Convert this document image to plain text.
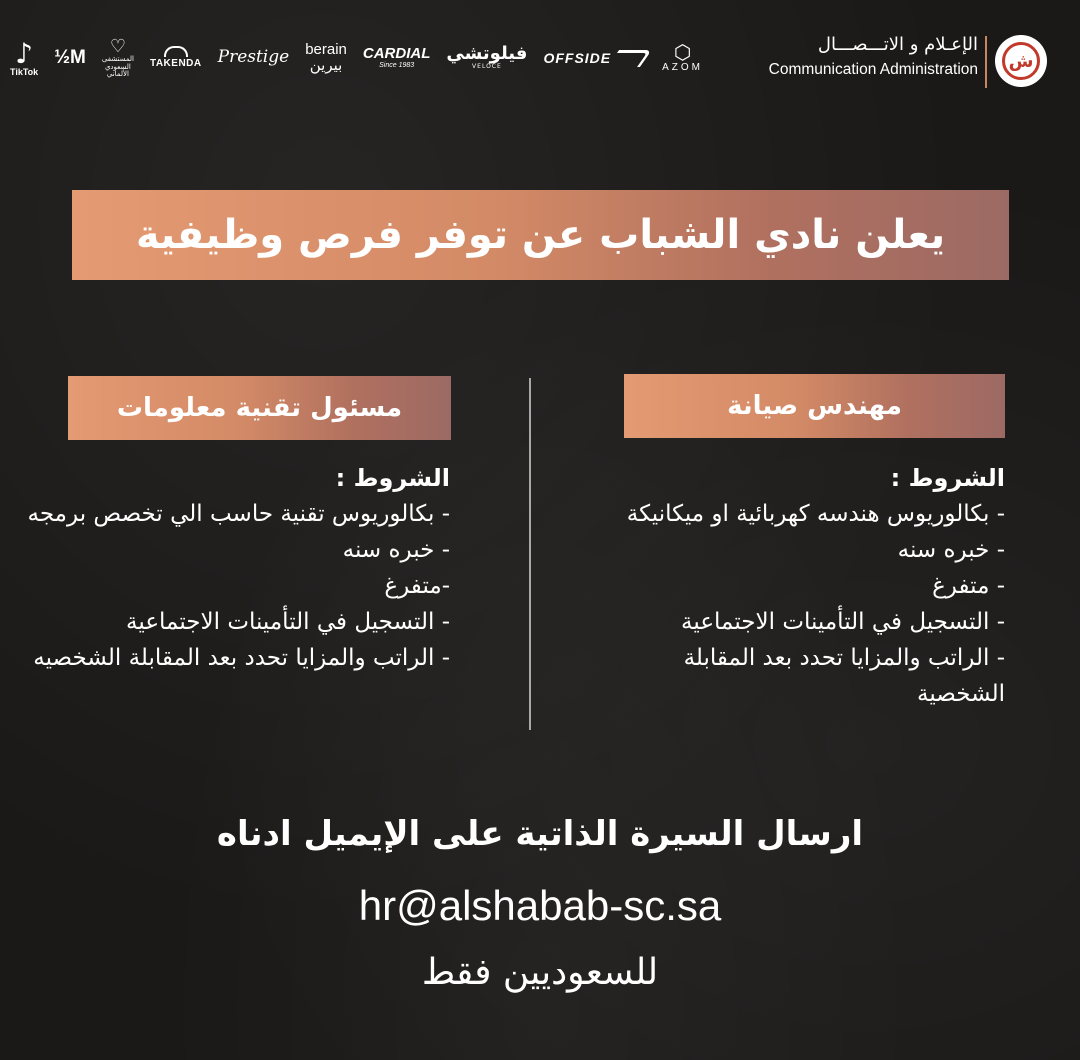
♪
TikTok
½M
♡
المستشفى السعودي الألماني
TAKENDA Prestige berain بيرين
CARDIAL
Since 1983
فيلوتشي
VELOCE
OFFSIDE	⬡
AZOM
الإعـلام و الاتـــصـــال
Communication Administration	ش
يعلن نادي الشباب عن توفر فرص وظيفية
مهندس صيانة
مسئول تقنية معلومات
الشروط :
- بكالوريوس هندسه كهربائية او ميكانيكة
- خبره سنه
- متفرغ
- التسجيل في التأمينات الاجتماعية
- الراتب والمزايا تحدد بعد المقابلة الشخصية
الشروط :
- بكالوريوس تقنية حاسب الي تخصص برمجه
- خبره سنه
-متفرغ
- التسجيل في التأمينات الاجتماعية
- الراتب والمزايا تحدد بعد المقابلة الشخصيه
ارسال السيرة الذاتية على الإيميل ادناه
hr@alshabab-sc.sa
للسعوديين فقط
